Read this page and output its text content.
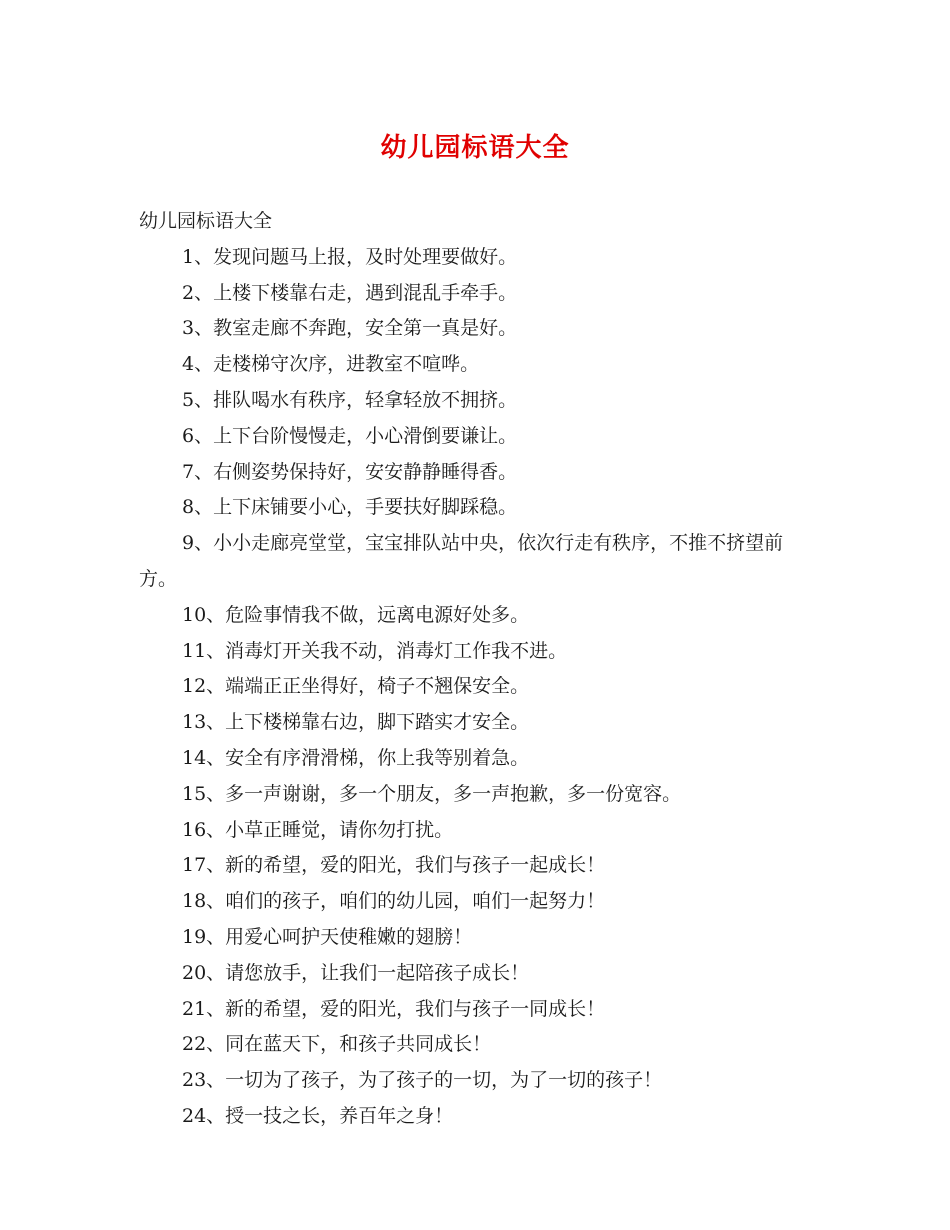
幼儿园标语大全

幼儿园标语大全

1、发现问题马上报，及时处理要做好。

2、上楼下楼靠右走，遇到混乱手牵手。

3、教室走廊不奔跑，安全第一真是好。

4、走楼梯守次序，进教室不喧哗。

5、排队喝水有秩序，轻拿轻放不拥挤。

6、上下台阶慢慢走，小心滑倒要谦让。

7、右侧姿势保持好，安安静静睡得香。

8、上下床铺要小心，手要扶好脚踩稳。

9、小小走廊亮堂堂，宝宝排队站中央，依次行走有秩序，不推不挤望前方。

10、危险事情我不做，远离电源好处多。

11、消毒灯开关我不动，消毒灯工作我不进。

12、端端正正坐得好，椅子不翘保安全。

13、上下楼梯靠右边，脚下踏实才安全。

14、安全有序滑滑梯，你上我等别着急。

15、多一声谢谢，多一个朋友，多一声抱歉，多一份宽容。

16、小草正睡觉，请你勿打扰。

17、新的希望，爱的阳光，我们与孩子一起成长！

18、咱们的孩子，咱们的幼儿园，咱们一起努力！

19、用爱心呵护天使稚嫩的翅膀！

20、请您放手，让我们一起陪孩子成长！

21、新的希望，爱的阳光，我们与孩子一同成长！

22、同在蓝天下，和孩子共同成长！

23、一切为了孩子，为了孩子的一切，为了一切的孩子！

24、授一技之长，养百年之身！
